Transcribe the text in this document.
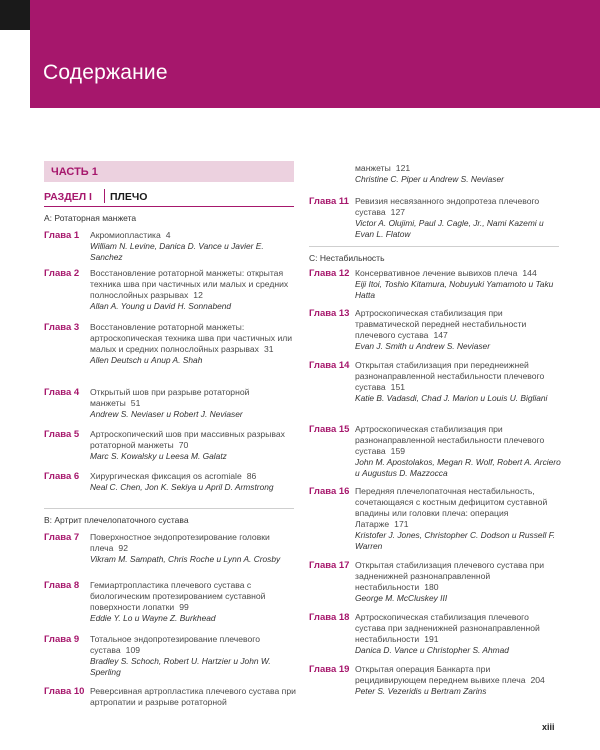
Содержание
ЧАСТЬ 1
РАЗДЕЛ I ПЛЕЧО
A: Ротаторная манжета
Глава 1 Акромиопластика 4
William N. Levine, Danica D. Vance и Javier E. Sanchez
Глава 2 Восстановление ротаторной манжеты: открытая техника шва при частичных или малых и средних полнослойных разрывах 12
Allan A. Young и David H. Sonnabend
Глава 3 Восстановление ротаторной манжеты: артроскопическая техника шва при частичных или малых и средних полнослойных разрывах 31
Allen Deutsch и Anup A. Shah
Глава 4 Открытый шов при разрыве ротаторной манжеты 51
Andrew S. Neviaser и Robert J. Neviaser
Глава 5 Артроскопический шов при массивных разрывах ротаторной манжеты 70
Marc S. Kowalsky и Leesa M. Galatz
Глава 6 Хирургическая фиксация os acromiale 86
Neal C. Chen, Jon K. Sekiya и April D. Armstrong
B: Артрит плечелопаточного сустава
Глава 7 Поверхностное эндопротезирование головки плеча 92
Vikram M. Sampath, Chris Roche и Lynn A. Crosby
Глава 8 Гемиартропластика плечевого сустава с биологическим протезированием суставной поверхности лопатки 99
Eddie Y. Lo и Wayne Z. Burkhead
Глава 9 Тотальное эндопротезирование плечевого сустава 109
Bradley S. Schoch, Robert U. Hartzier и John W. Sperling
Глава 10 Реверсивная артропластика плечевого сустава при артропатии и разрыве ротаторной
манжеты 121
Christine C. Piper и Andrew S. Neviaser
Глава 11 Ревизия несвязанного эндопротеза плечевого сустава 127
Victor A. Olujimi, Paul J. Cagle, Jr., Nami Kazemi и Evan L. Flatow
C: Нестабильность
Глава 12 Консервативное лечение вывихов плеча 144
Eiji Itoi, Toshio Kitamura, Nobuyuki Yamamoto и Taku Hatta
Глава 13 Артроскопическая стабилизация при травматической передней нестабильности плечевого сустава 147
Evan J. Smith и Andrew S. Neviaser
Глава 14 Открытая стабилизация при переднеижней разнонаправленной нестабильности плечевого сустава 151
Katie B. Vadasdi, Chad J. Marion и Louis U. Bigliani
Глава 15 Артроскопическая стабилизация при разнонаправленной нестабильности плечевого сустава 159
John M. Apostolakos, Megan R. Wolf, Robert A. Arciero и Augustus D. Mazzocca
Глава 16 Передняя плечелопаточная нестабильность, сочетающаяся с костным дефицитом суставной впадины или головки плеча: операция Латарже 171
Kristofer J. Jones, Christopher C. Dodson и Russell F. Warren
Глава 17 Открытая стабилизация плечевого сустава при задненижней разнонаправленной нестабильности 180
George M. McCluskey III
Глава 18 Артроскопическая стабилизация плечевого сустава при задненижней разнонаправленной нестабильности 191
Danica D. Vance и Christopher S. Ahmad
Глава 19 Открытая операция Банкарта при рецидивирующем переднем вывихе плеча 204
Peter S. Vezeridis и Bertram Zarins
xiii
